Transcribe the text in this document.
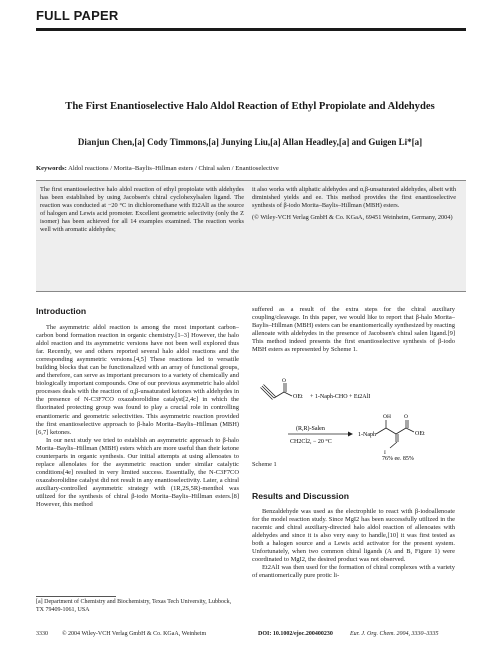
FULL PAPER
The First Enantioselective Halo Aldol Reaction of Ethyl Propiolate and Aldehydes
Dianjun Chen,[a] Cody Timmons,[a] Junying Liu,[a] Allan Headley,[a] and Guigen Li*[a]
Keywords: Aldol reactions / Morita–Baylis–Hillman esters / Chiral salen / Enantioselective
The first enantioselective halo aldol reaction of ethyl propiolate with aldehydes has been established by using Jacobsen's chiral cyclohexylsalen ligand. The reaction was conducted at −20 °C in dichloromethane with Et2AlI as the source of halogen and Lewis acid promoter. Excellent geometric selectivity (only the Z isomer) has been achieved for all 14 examples examined. The reaction works well with aromatic aldehydes;
it also works with aliphatic aldehydes and α,β-unsaturated aldehydes, albeit with diminished yields and ee. This method provides the first enantioselective synthesis of β-iodo Morita–Baylis–Hillman (MBH) esters.
(© Wiley-VCH Verlag GmbH & Co. KGaA, 69451 Weinheim, Germany, 2004)
Introduction
The asymmetric aldol reaction is among the most important carbon–carbon bond formation reaction in organic chemistry.[1–3] However, the halo aldol reaction and its asymmetric versions have not been well explored thus far. Recently, we and others reported several halo aldol reactions and the corresponding asymmetric versions.[4,5] These reactions led to versatile building blocks that can be functionalized with an array of functional groups, and therefore, can serve as important precursors to a variety of chemically and biologically important compounds. One of our previous asymmetric halo aldol processes deals with the reaction of α,β-unsaturated ketones with aldehydes in the presence of N-C3F7CO oxazaborolidine catalyst[2,4c] in which the fluorinated protecting group was found to play a crucial role in controlling enantiomeric and geometric selectivities. This asymmetric reaction provided the first enantioselective approach to β-halo Morita–Baylis–Hillman (MBH)[6,7] ketones.
In our next study we tried to establish an asymmetric approach to β-halo Morita–Baylis–Hillman (MBH) esters which are more useful than their ketone counterparts in organic synthesis. Our initial attempts at using allenoates to replace allenolates for the asymmetric reaction under similar catalytic conditions[4e] resulted in very limited success. Essentially, the N-C3F7CO oxazaborolidine catalyst did not result in any enantioselectivity. Later, a chiral auxiliary-controlled asymmetric strategy with (1R,2S,5R)-menthol was utilized for the synthesis of chiral β-iodo Morita–Baylis–Hillman esters.[8] However, this method
suffered as a result of the extra steps for the chiral auxiliary coupling/cleavage. In this paper, we would like to report that β-halo Morita–Baylis–Hillman (MBH) esters can be enantiomerically synthesized by reacting allenoate with aldehydes in the presence of Jacobsen's chiral salen ligand.[9] This method indeed presents the first enantioselective synthesis of β-iodo MBH esters as represented by Scheme 1.
O
OEt + 1-Naph-CHO + Et2AlI
(R,R)-Salen
CH2Cl2, − 20 °C
1-Naph
OH O
OEt
I
76% ee, 85%
Scheme 1
Results and Discussion
Benzaldehyde was used as the electrophile to react with β-iodoallenoate for the model reaction study. Since MgI2 has been successfully utilized in the racemic and chiral auxiliary-directed halo aldol reaction of allenoates with aldehydes and since it is also very easy to handle,[10] it was first tested as both a halogen source and a Lewis acid activator for the present system. Unfortunately, when two common chiral ligands (A and B, Figure 1) were coordinated to MgI2, the desired product was not observed.
Et2AlI was then used for the formation of chiral complexes with a variety of enantiomerically pure protic li-
[a] Department of Chemistry and Biochemistry, Texas Tech University, Lubbock, TX 79409-1061, USA
3330 © 2004 Wiley-VCH Verlag GmbH & Co. KGaA, Weinheim	DOI: 10.1002/ejoc.200400230	Eur. J. Org. Chem. 2004, 3330–3335
